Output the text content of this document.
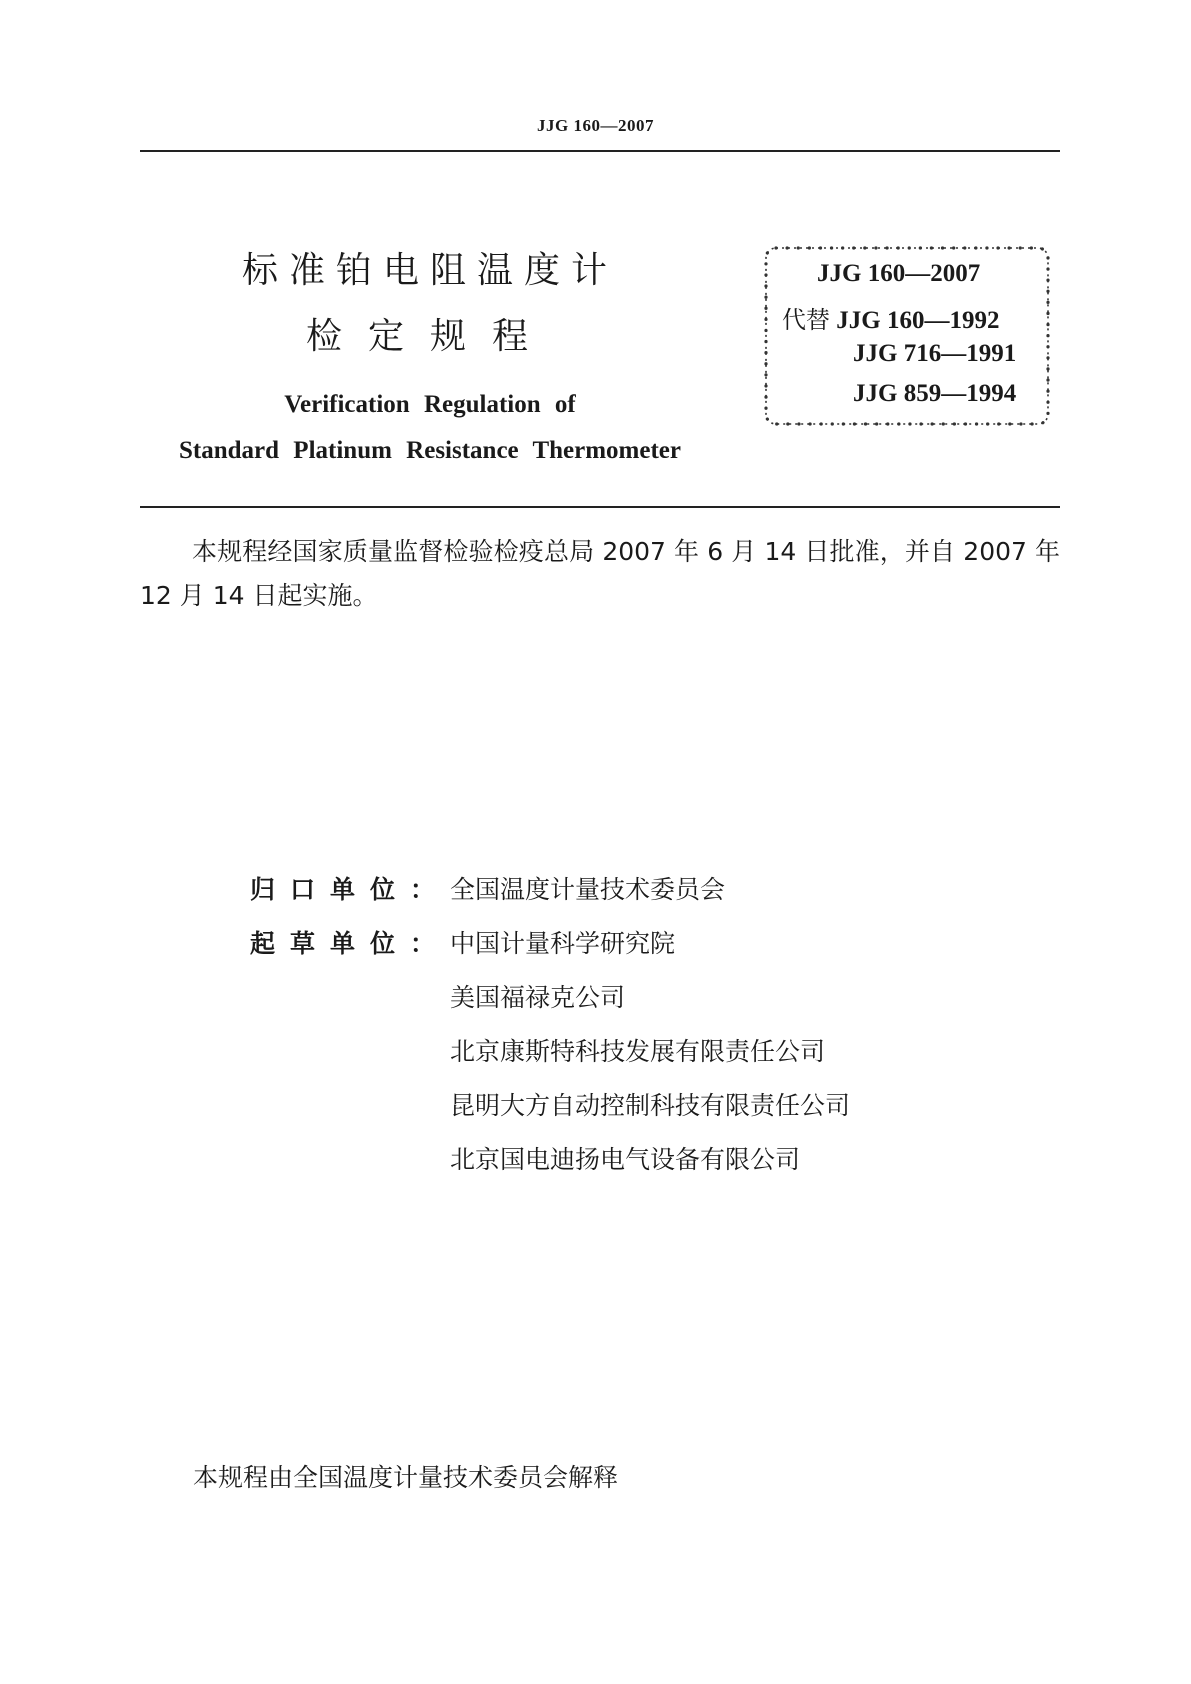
JJG 160—2007
标准铂电阻温度计
检定规程
Verification Regulation of
Standard Platinum Resistance Thermometer
JJG 160—2007
代替 JJG 160—1992
JJG 716—1991
JJG 859—1994

本规程经国家质量监督检验检疫总局 2007 年 6 月 14 日批准，并自 2007 年 12 月 14 日起实施。

归口单位： 全国温度计量技术委员会
起草单位： 中国计量科学研究院
美国福禄克公司
北京康斯特科技发展有限责任公司
昆明大方自动控制科技有限责任公司
北京国电迪扬电气设备有限公司
本规程由全国温度计量技术委员会解释
